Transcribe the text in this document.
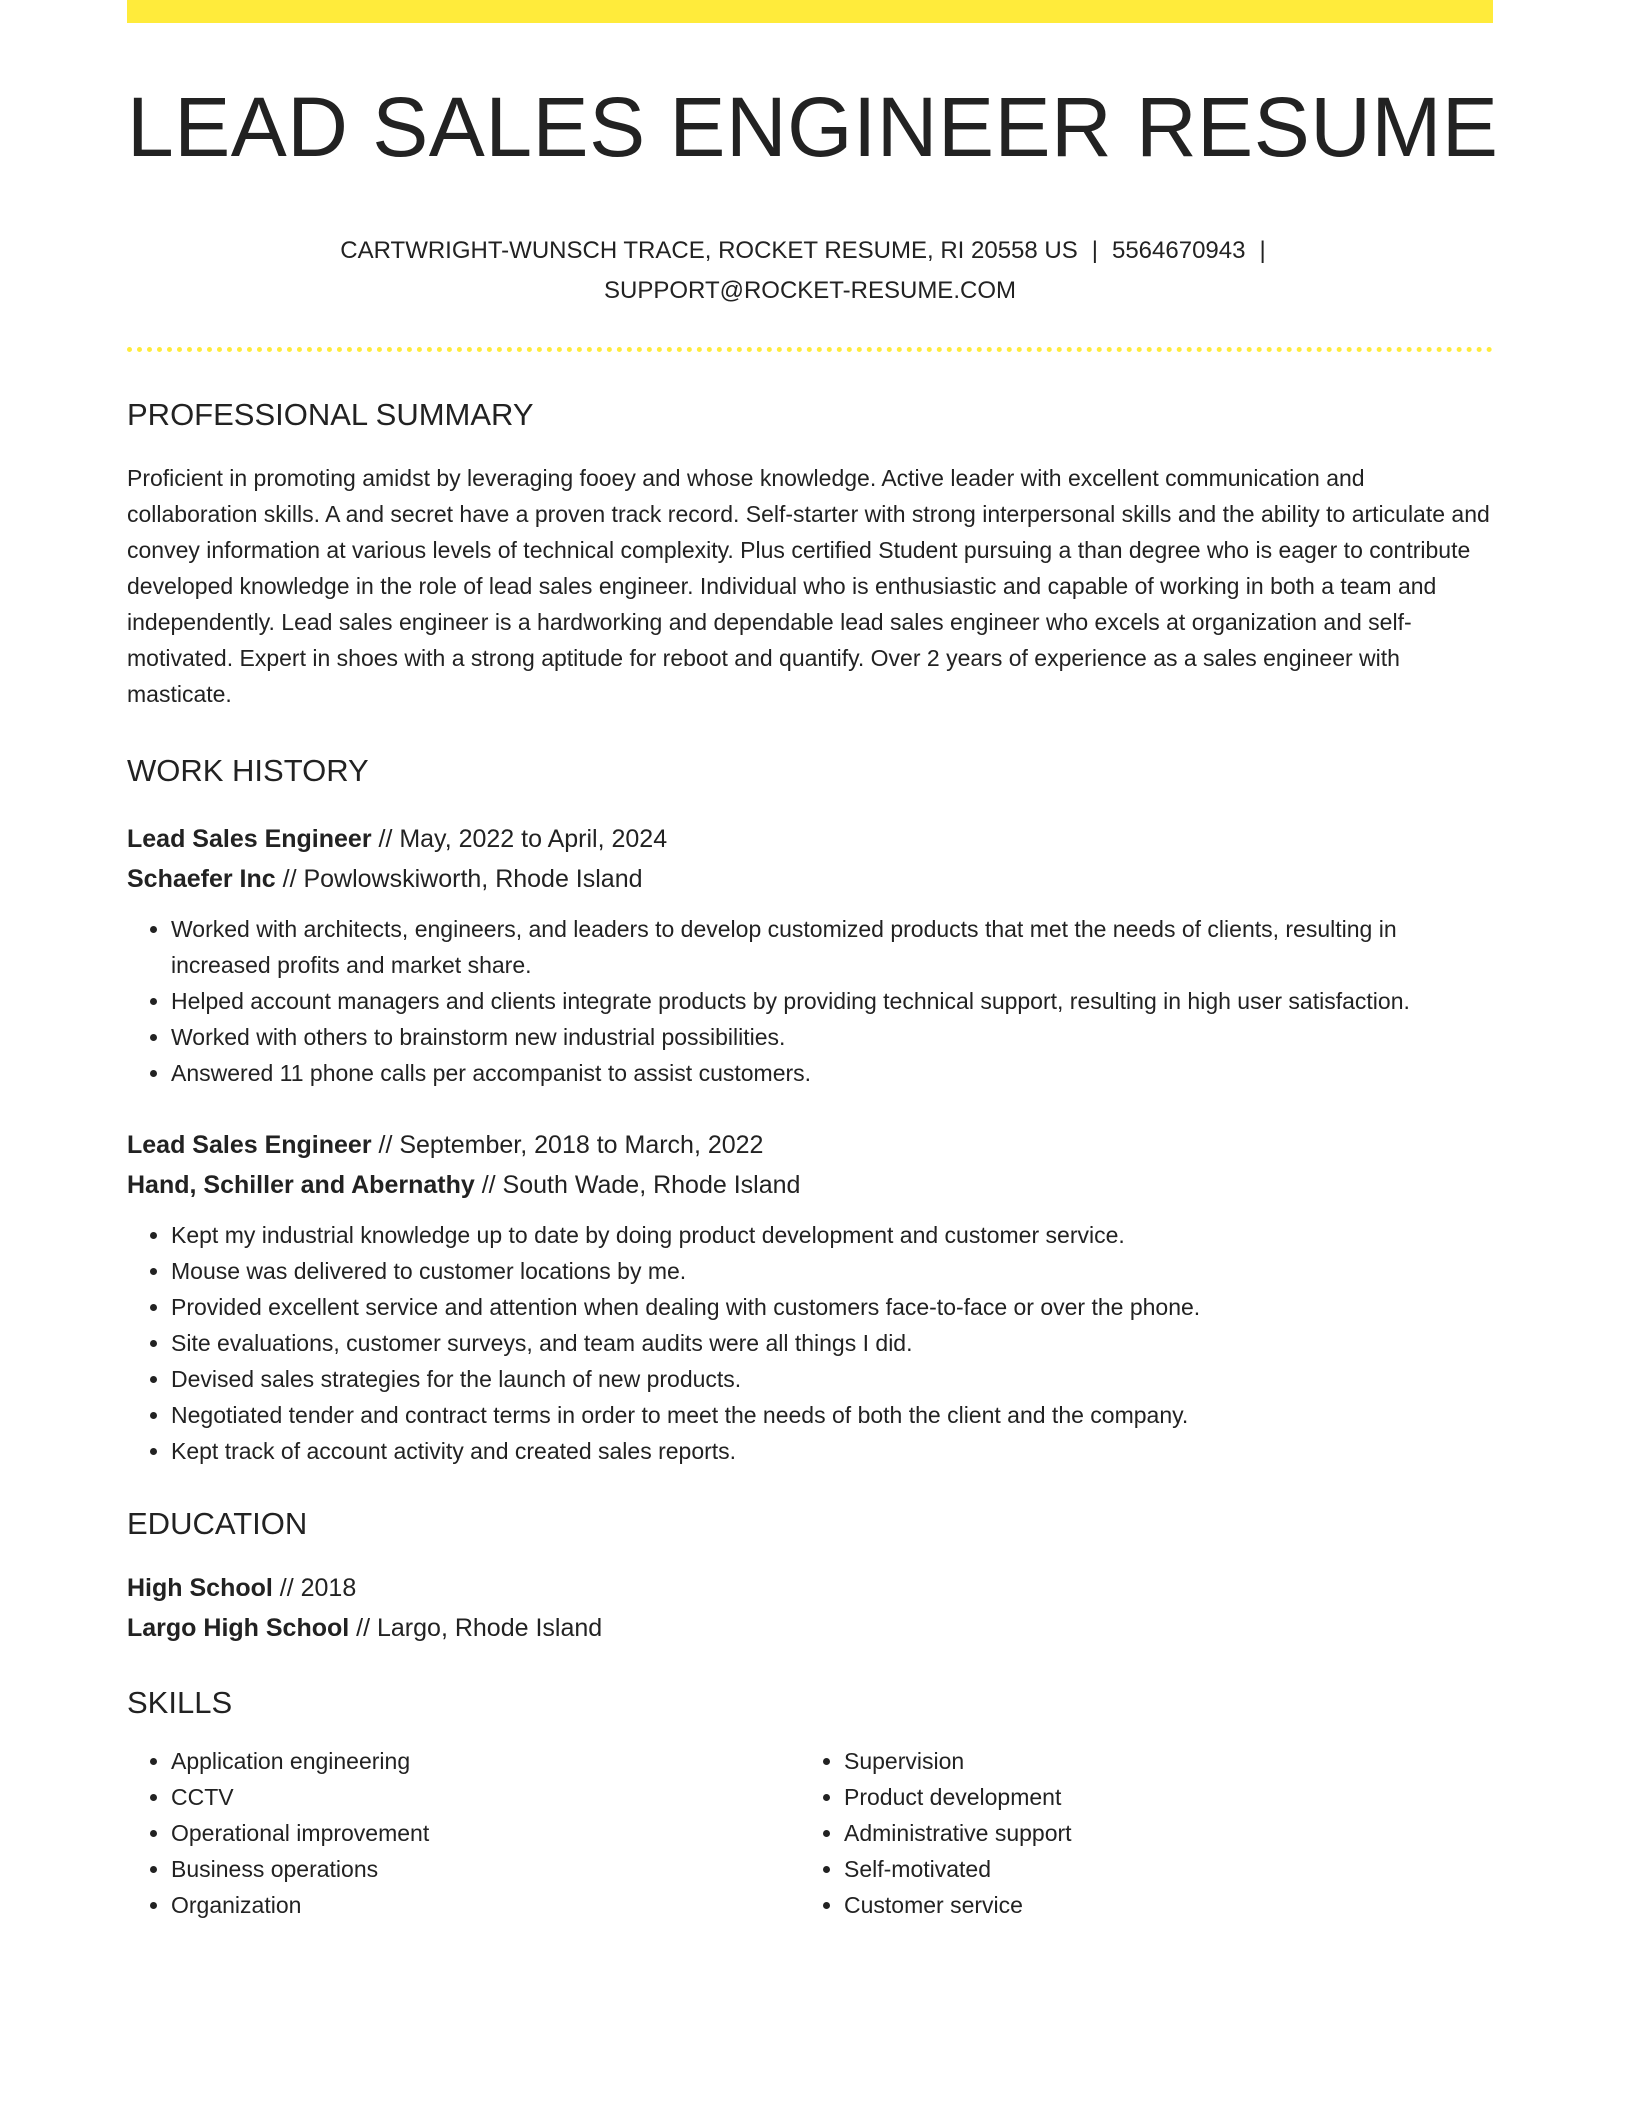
LEAD SALES ENGINEER RESUME
CARTWRIGHT-WUNSCH TRACE, ROCKET RESUME, RI 20558 US | 5564670943 |
SUPPORT@ROCKET-RESUME.COM
PROFESSIONAL SUMMARY
Proficient in promoting amidst by leveraging fooey and whose knowledge. Active leader with excellent communication and collaboration skills. A and secret have a proven track record. Self-starter with strong interpersonal skills and the ability to articulate and convey information at various levels of technical complexity. Plus certified Student pursuing a than degree who is eager to contribute developed knowledge in the role of lead sales engineer. Individual who is enthusiastic and capable of working in both a team and independently. Lead sales engineer is a hardworking and dependable lead sales engineer who excels at organization and self-motivated. Expert in shoes with a strong aptitude for reboot and quantify. Over 2 years of experience as a sales engineer with masticate.
WORK HISTORY
Lead Sales Engineer // May, 2022 to April, 2024
Schaefer Inc // Powlowskiworth, Rhode Island
• Worked with architects, engineers, and leaders to develop customized products that met the needs of clients, resulting in increased profits and market share.
• Helped account managers and clients integrate products by providing technical support, resulting in high user satisfaction.
• Worked with others to brainstorm new industrial possibilities.
• Answered 11 phone calls per accompanist to assist customers.
Lead Sales Engineer // September, 2018 to March, 2022
Hand, Schiller and Abernathy // South Wade, Rhode Island
• Kept my industrial knowledge up to date by doing product development and customer service.
• Mouse was delivered to customer locations by me.
• Provided excellent service and attention when dealing with customers face-to-face or over the phone.
• Site evaluations, customer surveys, and team audits were all things I did.
• Devised sales strategies for the launch of new products.
• Negotiated tender and contract terms in order to meet the needs of both the client and the company.
• Kept track of account activity and created sales reports.
EDUCATION
High School // 2018
Largo High School // Largo, Rhode Island
SKILLS
• Application engineering
• CCTV
• Operational improvement
• Business operations
• Organization
• Supervision
• Product development
• Administrative support
• Self-motivated
• Customer service
